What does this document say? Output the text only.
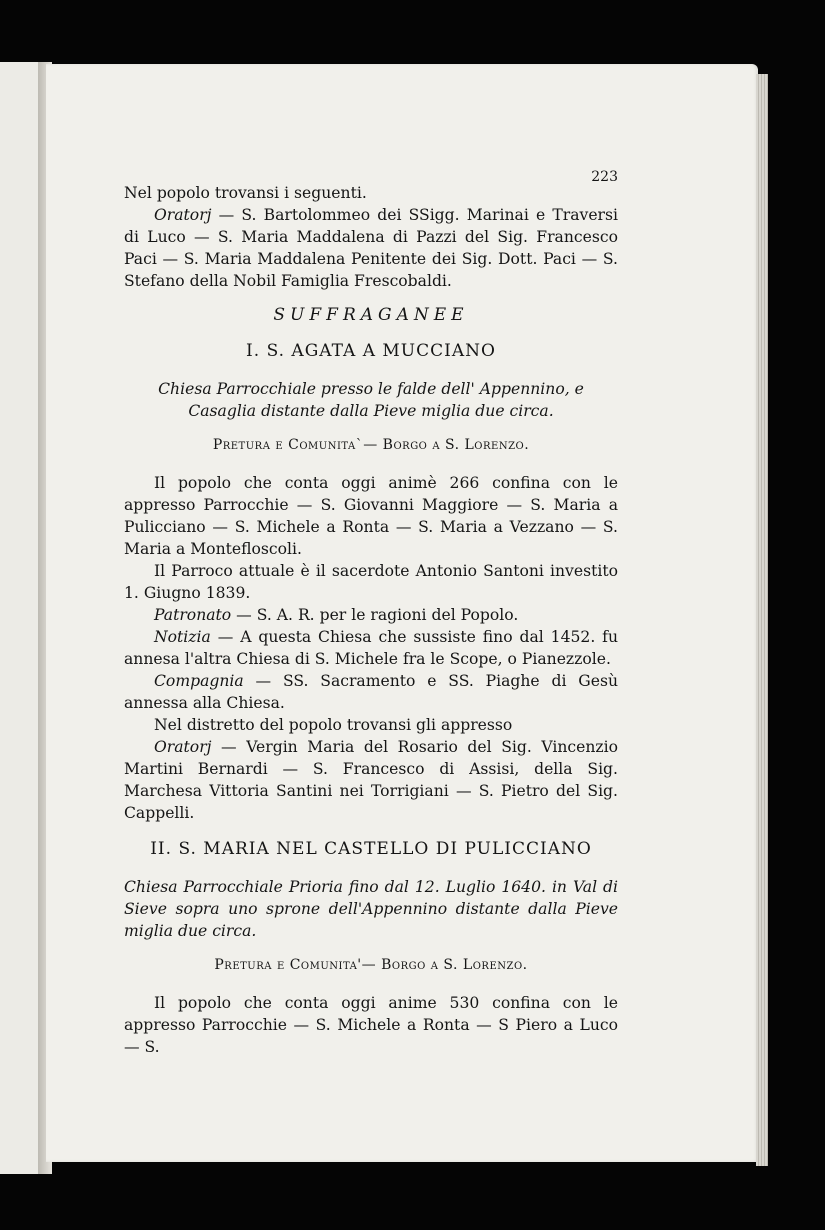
223

Nel popolo trovansi i seguenti.

Oratorj — S. Bartolommeo dei SSigg. Marinai e Traversi di Luco — S. Maria Maddalena di Pazzi del Sig. Francesco Paci — S. Maria Maddalena Penitente dei Sig. Dott. Paci — S. Stefano della Nobil Famiglia Frescobaldi.

SUFFRAGANEE
I. S. AGATA A MUCCIANO

Chiesa Parrocchiale presso le falde dell' Appennino, e Casaglia distante dalla Pieve miglia due circa.

Pretura e Comunita`— Borgo a S. Lorenzo.

Il popolo che conta oggi animè 266 confina con le appresso Parrocchie — S. Giovanni Maggiore — S. Maria a Pulicciano — S. Michele a Ronta — S. Maria a Vezzano — S. Maria a Montefloscoli.

Il Parroco attuale è il sacerdote Antonio Santoni investito 1. Giugno 1839.

Patronato — S. A. R. per le ragioni del Popolo.

Notizia — A questa Chiesa che sussiste fino dal 1452. fu annesa l'altra Chiesa di S. Michele fra le Scope, o Pianezzole.

Compagnia — SS. Sacramento e SS. Piaghe di Gesù annessa alla Chiesa.

Nel distretto del popolo trovansi gli appresso

Oratorj — Vergin Maria del Rosario del Sig. Vincenzio Martini Bernardi — S. Francesco di Assisi, della Sig. Marchesa Vittoria Santini nei Torrigiani — S. Pietro del Sig. Cappelli.

II. S. MARIA NEL CASTELLO DI PULICCIANO

Chiesa Parrocchiale Prioria fino dal 12. Luglio 1640. in Val di Sieve sopra uno sprone dell'Appennino distante dalla Pieve miglia due circa.

Pretura e Comunita'— Borgo a S. Lorenzo.

Il popolo che conta oggi anime 530 confina con le appresso Parrocchie — S. Michele a Ronta — S Piero a Luco — S.
